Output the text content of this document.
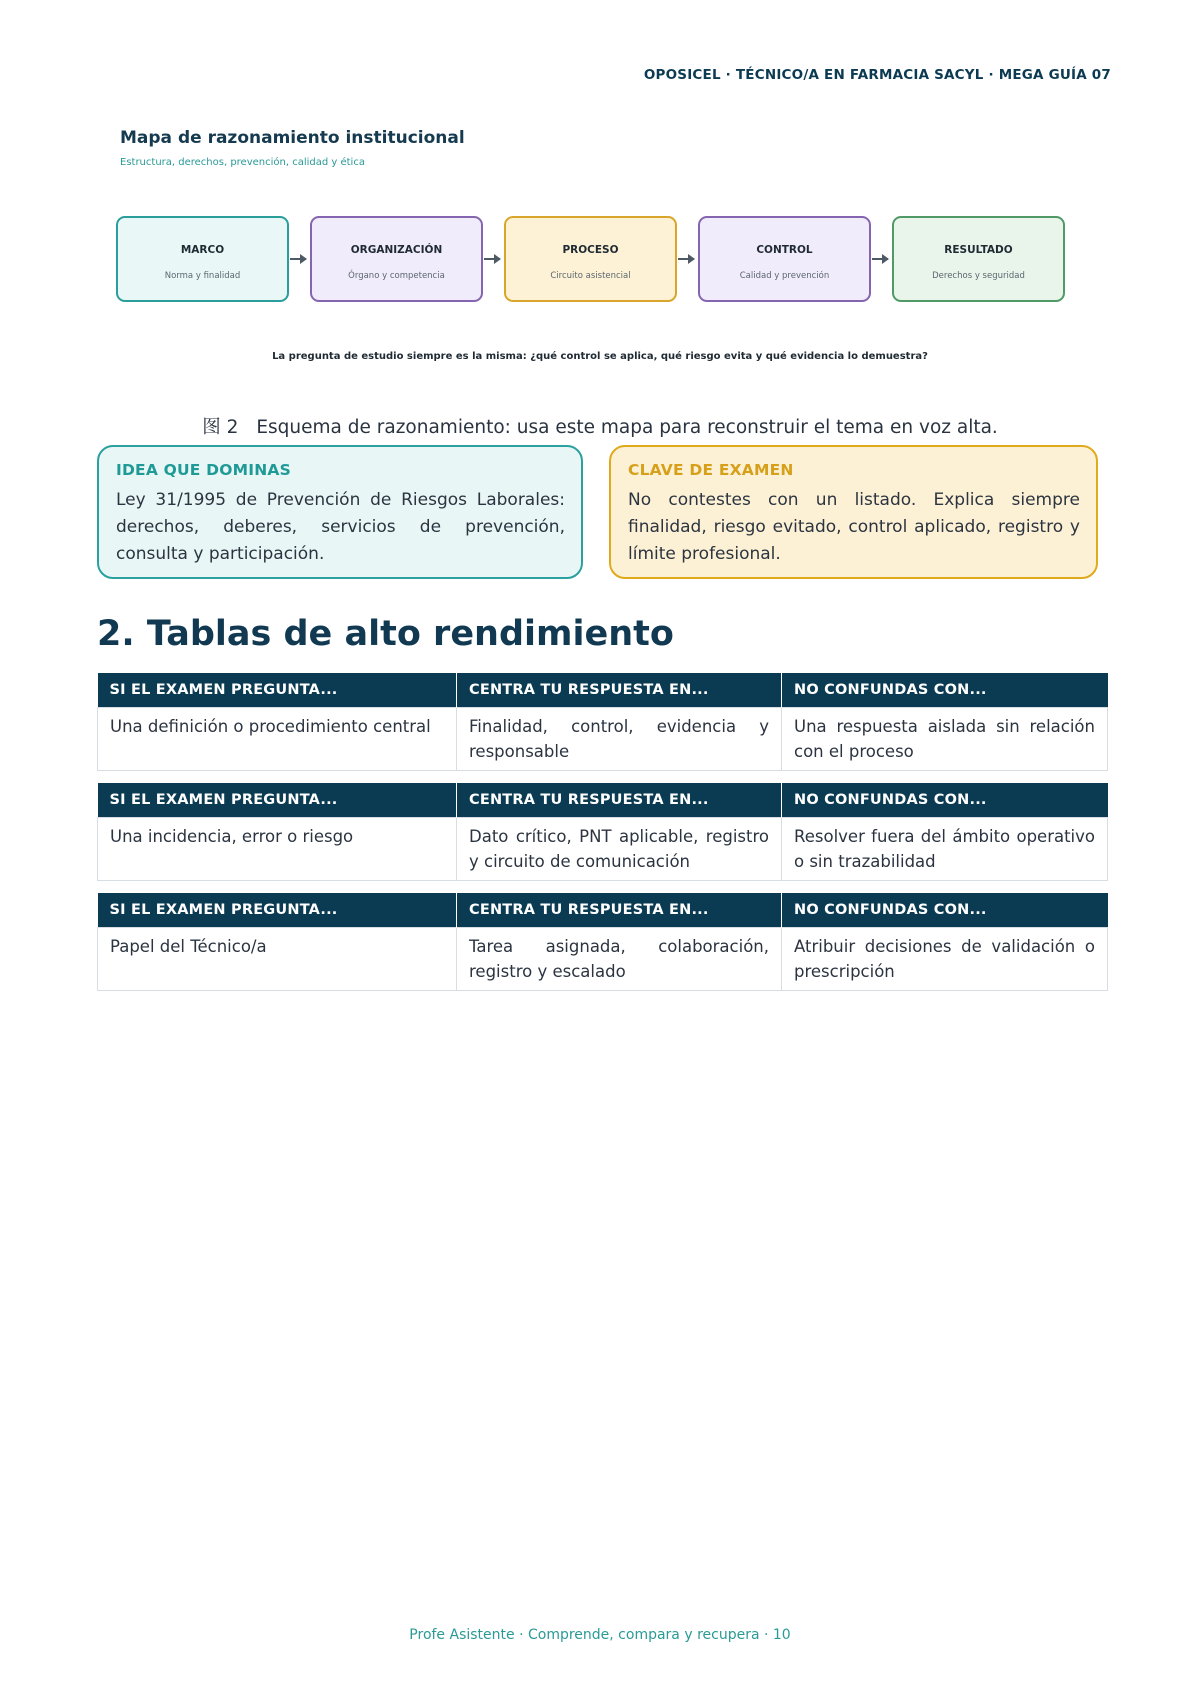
OPOSICEL · TÉCNICO/A EN FARMACIA SACYL · MEGA GUÍA 07
Mapa de razonamiento institucional
Estructura, derechos, prevención, calidad y ética
MARCO
Norma y finalidad
ORGANIZACIÓN
Órgano y competencia
PROCESO
Circuito asistencial
CONTROL
Calidad y prevención
RESULTADO
Derechos y seguridad
La pregunta de estudio siempre es la misma: ¿qué control se aplica, qué riesgo evita y qué evidencia lo demuestra?
图 2 Esquema de razonamiento: usa este mapa para reconstruir el tema en voz alta.
IDEA QUE DOMINAS
Ley 31/1995 de Prevención de Riesgos Laborales: derechos, deberes, servicios de prevención, consulta y participación.
CLAVE DE EXAMEN
No contestes con un listado. Explica siempre finalidad, riesgo evitado, control aplicado, registro y límite profesional.
2. Tablas de alto rendimiento
SI EL EXAMEN PREGUNTA...	CENTRA TU RESPUESTA EN...	NO CONFUNDAS CON...
Una definición o procedimiento central	Finalidad, control, evidencia y responsable	Una respuesta aislada sin relación con el proceso
SI EL EXAMEN PREGUNTA...	CENTRA TU RESPUESTA EN...	NO CONFUNDAS CON...
Una incidencia, error o riesgo	Dato crítico, PNT aplicable, registro y circuito de comunicación	Resolver fuera del ámbito operativo o sin trazabilidad
SI EL EXAMEN PREGUNTA...	CENTRA TU RESPUESTA EN...	NO CONFUNDAS CON...
Papel del Técnico/a	Tarea asignada, colaboración, registro y escalado	Atribuir decisiones de validación o prescripción
Profe Asistente · Comprende, compara y recupera · 10
